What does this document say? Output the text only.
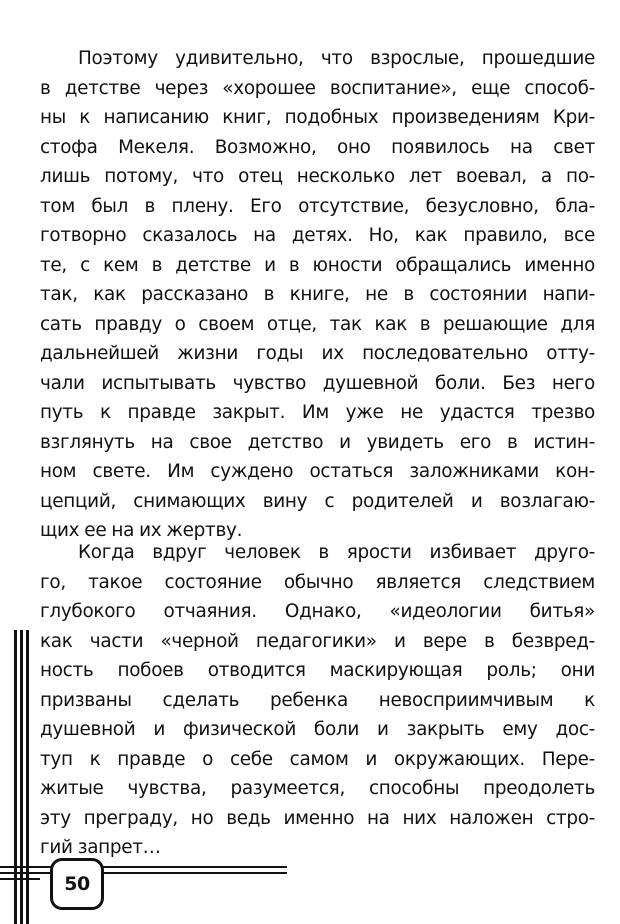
Поэтому удивительно, что взрослые, прошедшие
в детстве через «хорошее воспитание», еще способ-
ны к написанию книг, подобных произведениям Кри-
стофа Мекеля. Возможно, оно появилось на свет
лишь потому, что отец несколько лет воевал, а по-
том был в плену. Его отсутствие, безусловно, бла-
готворно сказалось на детях. Но, как правило, все
те, с кем в детстве и в юности обращались именно
так, как рассказано в книге, не в состоянии напи-
сать правду о своем отце, так как в решающие для
дальнейшей жизни годы их последовательно отту-
чали испытывать чувство душевной боли. Без него
путь к правде закрыт. Им уже не удастся трезво
взглянуть на свое детство и увидеть его в истин-
ном свете. Им суждено остаться заложниками кон-
цепций, снимающих вину с родителей и возлагаю-
щих ее на их жертву.
Когда вдруг человек в ярости избивает друго-
го, такое состояние обычно является следствием
глубокого отчаяния. Однако, «идеологии битья»
как части «черной педагогики» и вере в безвред-
ность побоев отводится маскирующая роль; они
призваны сделать ребенка невосприимчивым к
душевной и физической боли и закрыть ему дос-
туп к правде о себе самом и окружающих. Пере-
житые чувства, разумеется, способны преодолеть
эту преграду, но ведь именно на них наложен стро-
гий запрет…
50
